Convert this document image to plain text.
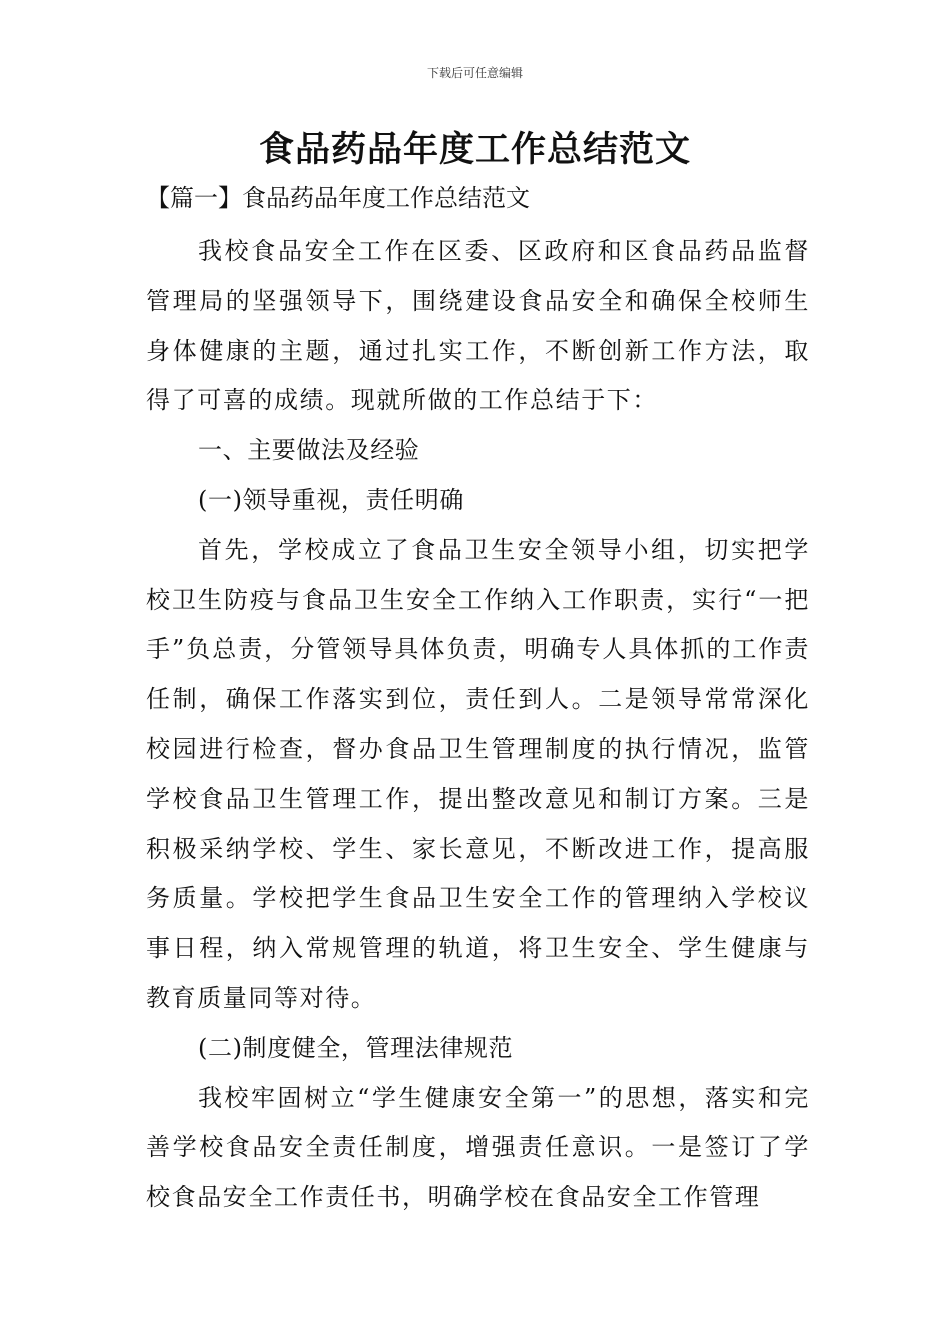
下载后可任意编辑
食品药品年度工作总结范文
【篇一】食品药品年度工作总结范文

我校食品安全工作在区委、区政府和区食品药品监督管理局的坚强领导下，围绕建设食品安全和确保全校师生身体健康的主题，通过扎实工作，不断创新工作方法，取得了可喜的成绩。现就所做的工作总结于下：

一、主要做法及经验

(一)领导重视，责任明确

首先，学校成立了食品卫生安全领导小组，切实把学校卫生防疫与食品卫生安全工作纳入工作职责，实行“一把手”负总责，分管领导具体负责，明确专人具体抓的工作责任制，确保工作落实到位，责任到人。二是领导常常深化校园进行检查，督办食品卫生管理制度的执行情况，监管学校食品卫生管理工作，提出整改意见和制订方案。三是积极采纳学校、学生、家长意见，不断改进工作，提高服务质量。学校把学生食品卫生安全工作的管理纳入学校议事日程，纳入常规管理的轨道，将卫生安全、学生健康与教育质量同等对待。

(二)制度健全，管理法律规范

我校牢固树立“学生健康安全第一”的思想，落实和完善学校食品安全责任制度，增强责任意识。一是签订了学校食品安全工作责任书，明确学校在食品安全工作管理
